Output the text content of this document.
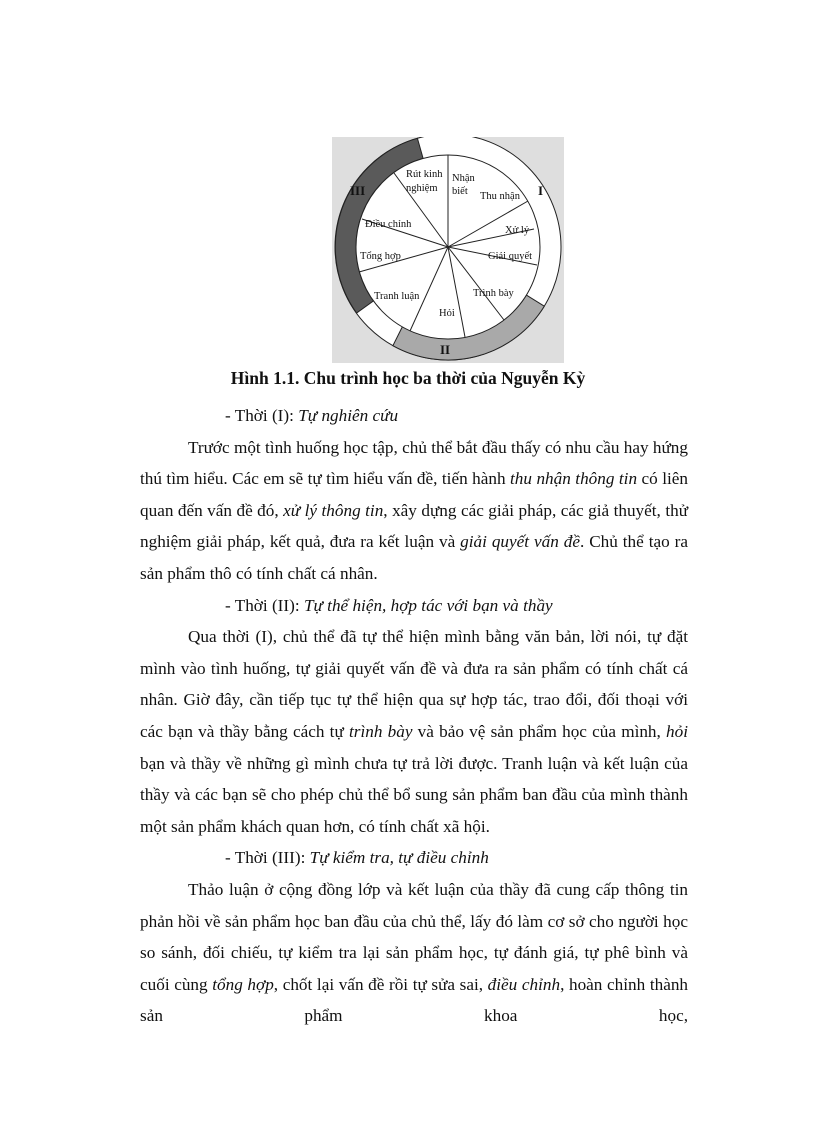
Rút kinh
nghiệm
Nhận
biết Thu nhận
Xử lý
Giải quyết
Trình bày
Hỏi
Tranh luận
Tổng hợp
Điều chỉnh
I
II
III
Hình 1.1. Chu trình học ba thời của Nguyễn Kỳ

- Thời (I): Tự nghiên cứu

Trước một tình huống học tập, chủ thể bắt đầu thấy có nhu cầu hay hứng thú tìm hiểu. Các em sẽ tự tìm hiểu vấn đề, tiến hành thu nhận thông tin có liên quan đến vấn đề đó, xử lý thông tin, xây dựng các giải pháp, các giả thuyết, thử nghiệm giải pháp, kết quả, đưa ra kết luận và giải quyết vấn đề. Chủ thể tạo ra sản phẩm thô có tính chất cá nhân.

- Thời (II): Tự thể hiện, hợp tác với bạn và thầy

Qua thời (I), chủ thể đã tự thể hiện mình bằng văn bản, lời nói, tự đặt mình vào tình huống, tự giải quyết vấn đề và đưa ra sản phẩm có tính chất cá nhân. Giờ đây, cần tiếp tục tự thể hiện qua sự hợp tác, trao đổi, đối thoại với các bạn và thầy bằng cách tự trình bày và bảo vệ sản phẩm học của mình, hỏi bạn và thầy về những gì mình chưa tự trả lời được. Tranh luận và kết luận của thầy và các bạn sẽ cho phép chủ thể bổ sung sản phẩm ban đầu của mình thành một sản phẩm khách quan hơn, có tính chất xã hội.

- Thời (III): Tự kiểm tra, tự điều chỉnh

Thảo luận ở cộng đồng lớp và kết luận của thầy đã cung cấp thông tin phản hồi về sản phẩm học ban đầu của chủ thể, lấy đó làm cơ sở cho người học so sánh, đối chiếu, tự kiểm tra lại sản phẩm học, tự đánh giá, tự phê bình và cuối cùng tổng hợp, chốt lại vấn đề rồi tự sửa sai, điều chỉnh, hoàn chỉnh thành sản phẩm khoa học,
